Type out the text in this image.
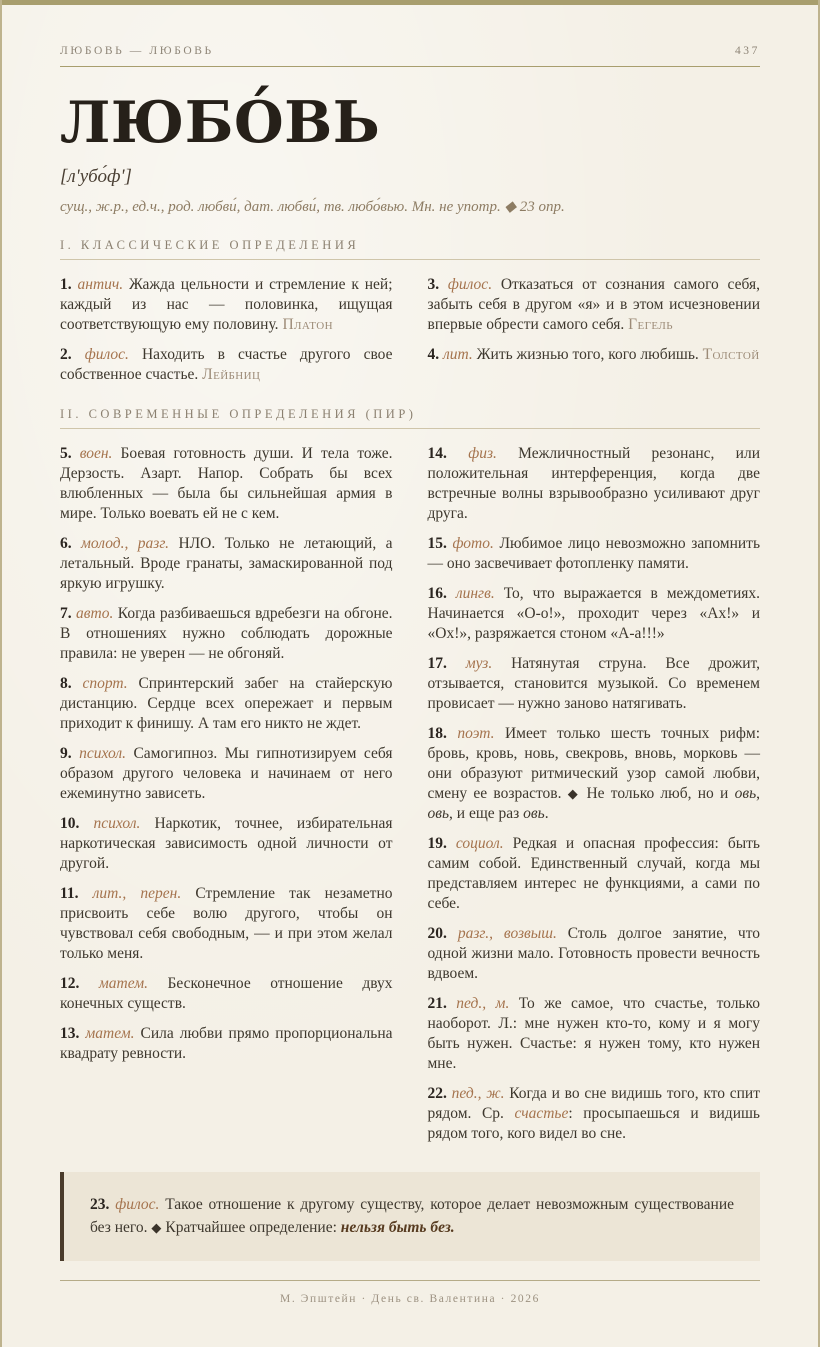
ЛЮБОВЬ — ЛЮБОВЬ	437
ЛЮБО́ВЬ
[л'убо́ф']
сущ., ж.р., ед.ч., род. любви́, дат. любви́, тв. любо́вью. Мн. не употр. ◆ 23 опр.
I. КЛАССИЧЕСКИЕ ОПРЕДЕЛЕНИЯ

1. антич. Жажда цельности и стремление к ней; каждый из нас — половинка, ищущая соответствующую ему половину. Платон

2. филос. Находить в счастье другого свое собственное счастье. Лейбниц

3. филос. Отказаться от сознания самого себя, забыть себя в другом «я» и в этом исчезновении впервые обрести самого себя. Гегель

4. лит. Жить жизнью того, кого любишь. Толстой

II. СОВРЕМЕННЫЕ ОПРЕДЕЛЕНИЯ (ПИР)

5. воен. Боевая готовность души. И тела тоже. Дерзость. Азарт. Напор. Собрать бы всех влюбленных — была бы сильнейшая армия в мире. Только воевать ей не с кем.

6. молод., разг. НЛО. Только не летающий, а летальный. Вроде гранаты, замаскированной под яркую игрушку.

7. авто. Когда разбиваешься вдребезги на обгоне. В отношениях нужно соблюдать дорожные правила: не уверен — не обгоняй.

8. спорт. Спринтерский забег на стайерскую дистанцию. Сердце всех опережает и первым приходит к финишу. А там его никто не ждет.

9. психол. Самогипноз. Мы гипнотизируем себя образом другого человека и начинаем от него ежеминутно зависеть.

10. психол. Наркотик, точнее, избирательная наркотическая зависимость одной личности от другой.

11. лит., перен. Стремление так незаметно присвоить себе волю другого, чтобы он чувствовал себя свободным, — и при этом желал только меня.

12. матем. Бесконечное отношение двух конечных существ.

13. матем. Сила любви прямо пропорциональна квадрату ревности.

14. физ. Межличностный резонанс, или положительная интерференция, когда две встречные волны взрывообразно усиливают друг друга.

15. фото. Любимое лицо невозможно запомнить — оно засвечивает фотопленку памяти.

16. лингв. То, что выражается в междометиях. Начинается «О-о!», проходит через «Ах!» и «Ох!», разряжается стоном «А-а!!!»

17. муз. Натянутая струна. Все дрожит, отзывается, становится музыкой. Со временем провисает — нужно заново натягивать.

18. поэт. Имеет только шесть точных рифм: бровь, кровь, новь, свекровь, вновь, морковь — они образуют ритмический узор самой любви, смену ее возрастов. ◆ Не только люб, но и овь, овь, и еще раз овь.

19. социол. Редкая и опасная профессия: быть самим собой. Единственный случай, когда мы представляем интерес не функциями, а сами по себе.

20. разг., возвыш. Столь долгое занятие, что одной жизни мало. Готовность провести вечность вдвоем.

21. пед., м. То же самое, что счастье, только наоборот. Л.: мне нужен кто-то, кому и я могу быть нужен. Счастье: я нужен тому, кто нужен мне.

22. пед., ж. Когда и во сне видишь того, кто спит рядом. Ср. счастье: просыпаешься и видишь рядом того, кого видел во сне.

23. филос. Такое отношение к другому существу, которое делает невозможным существование без него. ◆ Кратчайшее определение: нельзя быть без.

М. Эпштейн · День св. Валентина · 2026
